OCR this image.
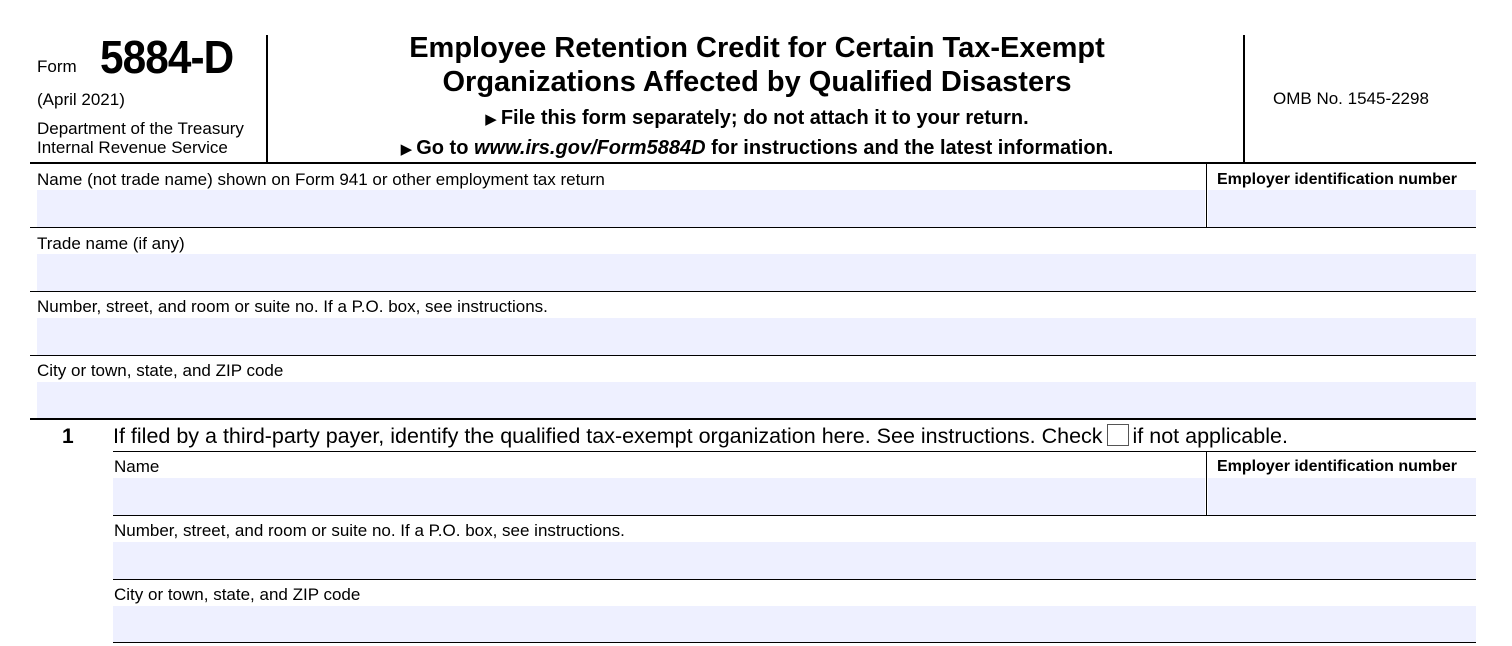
Form 5884-D
(April 2021)
Department of the Treasury
Internal Revenue Service
Employee Retention Credit for Certain Tax-Exempt
Organizations Affected by Qualified Disasters
▶ File this form separately; do not attach it to your return.
▶ Go to www.irs.gov/Form5884D for instructions and the latest information.
OMB No. 1545-2298
Name (not trade name) shown on Form 941 or other employment tax return	Employer identification number
Trade name (if any)
Number, street, and room or suite no. If a P.O. box, see instructions.
City or town, state, and ZIP code
1 If filed by a third-party payer, identify the qualified tax-exempt organization here. See instructions. Check if not applicable.
Name	Employer identification number
Number, street, and room or suite no. If a P.O. box, see instructions.
City or town, state, and ZIP code
